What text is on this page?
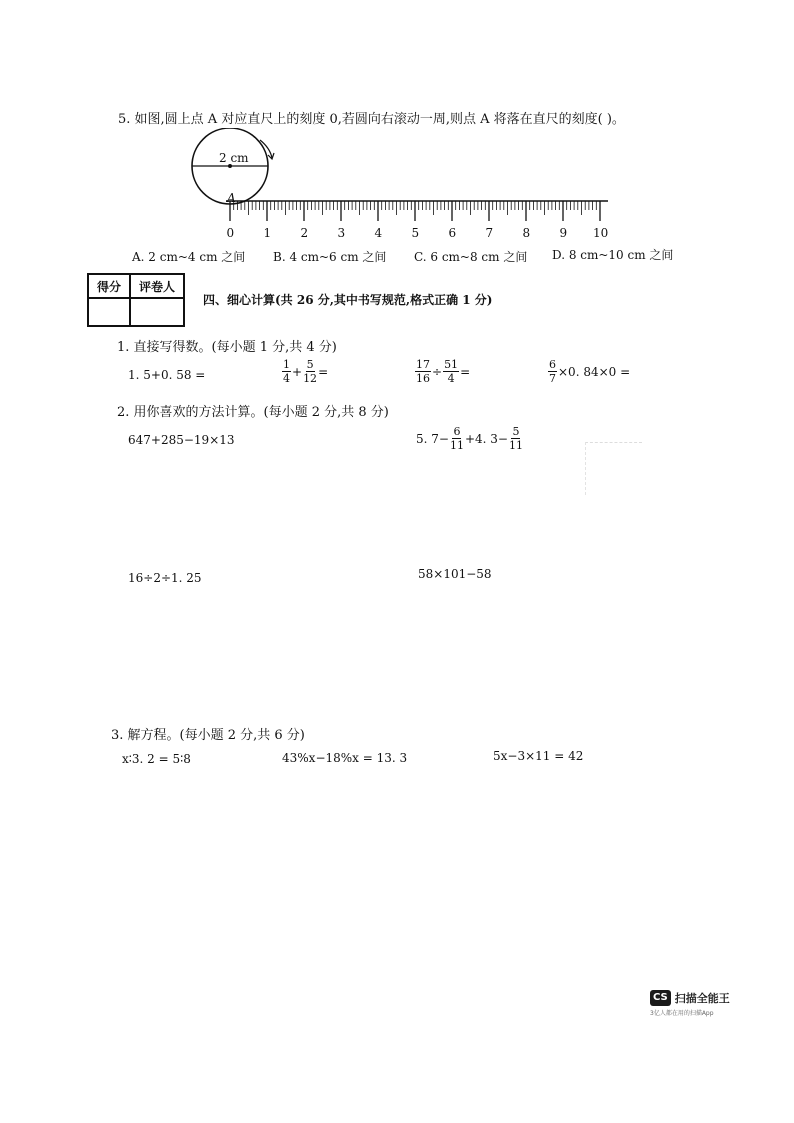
5. 如图,圆上点 A 对应直尺上的刻度 0,若圆向右滚动一周,则点 A 将落在直尺的刻度( )。
2 cm
A
0 1 2 3 4 5 6 7 8 9 10
A. 2 cm~4 cm 之间 B. 4 cm~6 cm 之间 C. 6 cm~8 cm 之间 D. 8 cm~10 cm 之间
得分	评卷人

四、细心计算(共 26 分,其中书写规范,格式正确 1 分)
1. 直接写得数。(每小题 1 分,共 4 分)
1. 5+0. 58 =	$\frac{1}{4} + \frac{5}{12}$ =	$\frac{17}{16} \div \frac{51}{4}$ =	$\frac{6}{7} \times 0$. 84×0 =
2. 用你喜欢的方法计算。(每小题 2 分,共 8 分)
647+285−19×13	5. $7- \frac{6}{11} +4$. $3- \frac{5}{11}$
16÷2÷1. 25	58×101−58
3. 解方程。(每小题 2 分,共 6 分)
x∶3. 2 = 5∶8	43%x−18%x = 13. 3	5x−3×11 = 42
CS 扫描全能王
3亿人都在用的扫描App
